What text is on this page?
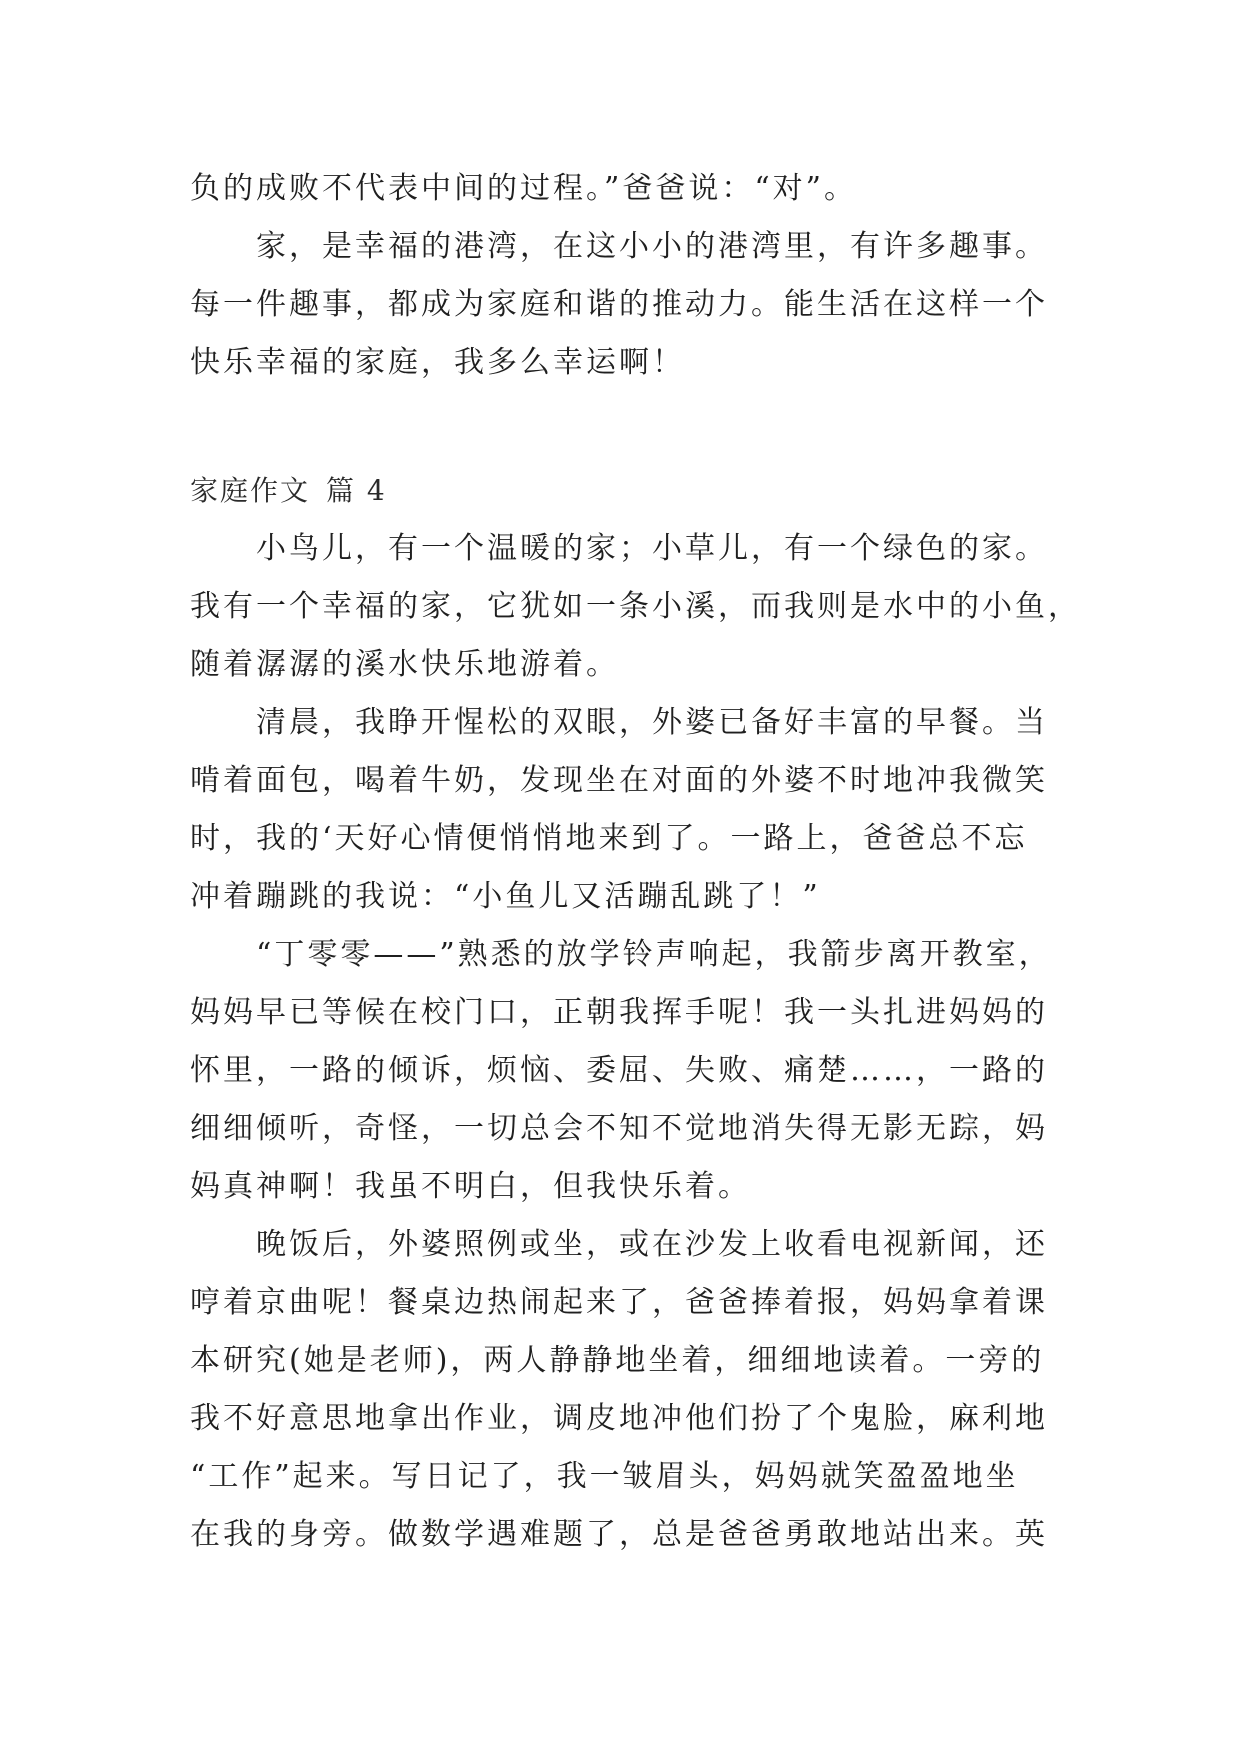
负的成败不代表中间的过程。”爸爸说：“对”。

家，是幸福的港湾，在这小小的港湾里，有许多趣事。
每一件趣事，都成为家庭和谐的推动力。能生活在这样一个
快乐幸福的家庭，我多么幸运啊！

家庭作文 篇 4

小鸟儿，有一个温暖的家；小草儿，有一个绿色的家。
我有一个幸福的家，它犹如一条小溪，而我则是水中的小鱼，
随着潺潺的溪水快乐地游着。

清晨，我睁开惺松的双眼，外婆已备好丰富的早餐。当
啃着面包，喝着牛奶，发现坐在对面的外婆不时地冲我微笑
时，我的‘天好心情便悄悄地来到了。一路上，爸爸总不忘
冲着蹦跳的我说：“小鱼儿又活蹦乱跳了！”

“丁零零——”熟悉的放学铃声响起，我箭步离开教室，
妈妈早已等候在校门口，正朝我挥手呢！我一头扎进妈妈的
怀里，一路的倾诉，烦恼、委屈、失败、痛楚……，一路的
细细倾听，奇怪，一切总会不知不觉地消失得无影无踪，妈
妈真神啊！我虽不明白，但我快乐着。

晚饭后，外婆照例或坐，或在沙发上收看电视新闻，还
哼着京曲呢！餐桌边热闹起来了，爸爸捧着报，妈妈拿着课
本研究(她是老师)，两人静静地坐着，细细地读着。一旁的
我不好意思地拿出作业，调皮地冲他们扮了个鬼脸，麻利地
“工作”起来。写日记了，我一皱眉头，妈妈就笑盈盈地坐
在我的身旁。做数学遇难题了，总是爸爸勇敢地站出来。英
